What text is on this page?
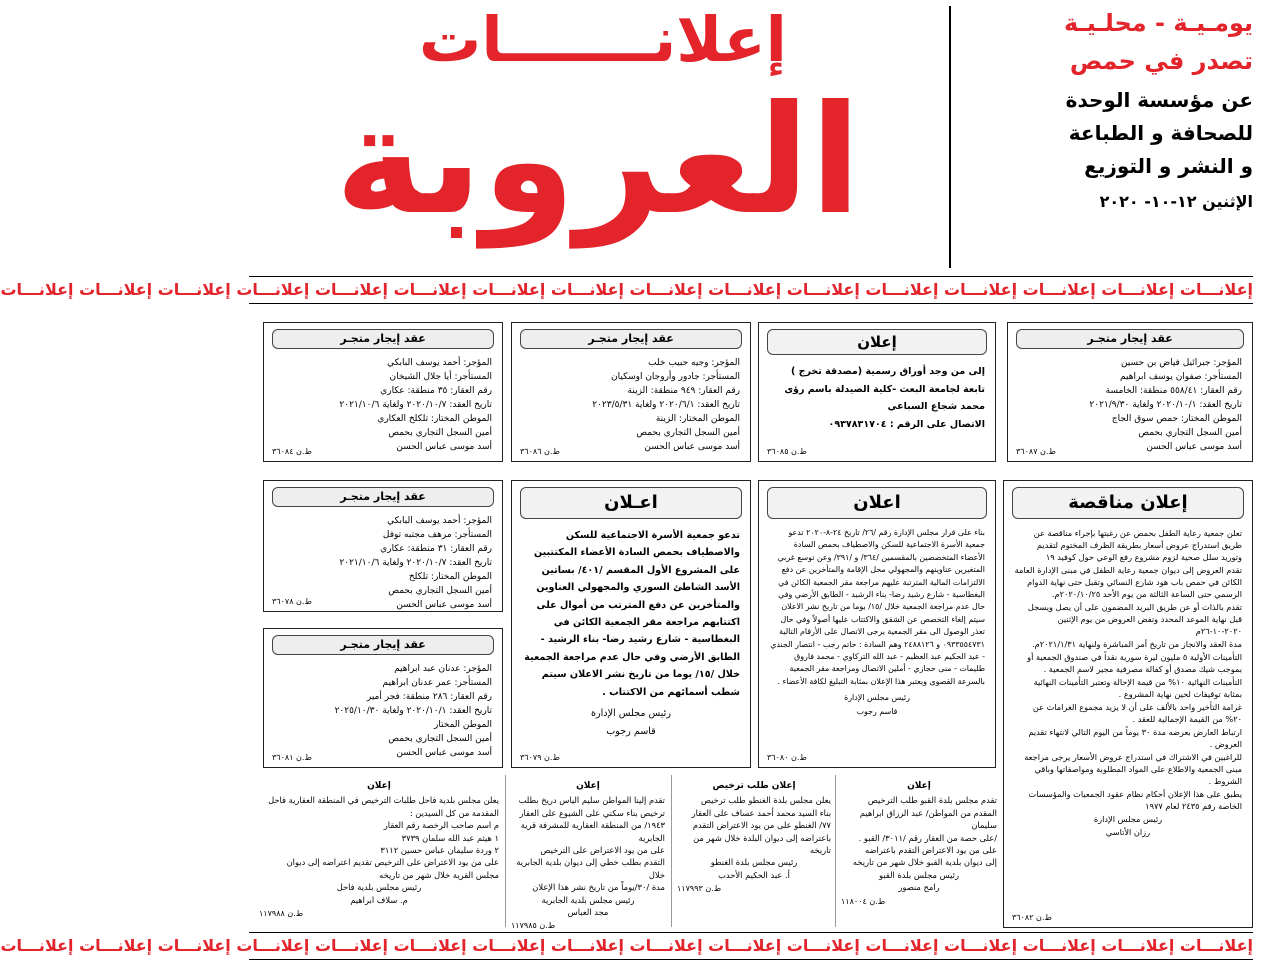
إعلانـــــــات
العروبة
يومـيـة - محلـيـة
تصدر في حمص
عن مؤسسة الوحدة
للصحافة و الطباعة
و النشر و التوزيع
الإثنين ١٢-١٠- ٢٠٢٠
إعلانـــات إعلانـــات إعلانـــات إعلانـــات إعلانـــات إعلانـــات إعلانـــات إعلانـــات إعلانـــات إعلانـــات إعلانـــات إعلانـــات إعلانـــات إعلانـــات إعلانـــات إعلانـــات
عقد إيجار متجـر

المؤجر: جبرائيل فياض بن حسين

المستأجر: صفوان يوسف ابراهيم

رقم العقار: ٥٥٨/٤١ منطقة: الخامسة

تاريخ العقد: ٢٠٢٠/١٠/١ ولغاية ٢٠٢١/٩/٣٠

الموطن المختار: حمص سوق الجاج

أمين السجل التجاري بحمص

أسد موسى عباس الحسن

ط.ن ٣٦٠٨٧
إعلان

إلى من وجد أوراق رسمية (مصدقة تخرج )

تابعة لجامعة البعث -كلية الصيدلة باسم رؤى محمد شجاع السباعي

الاتصال على الرقم : ٠٩٣٧٨٣١٧٠٤

ط.ن ٣٦٠٨٥
عقد إيجار متجـر

المؤجر: وجيه حبيب خلب

المستأجر: جادور وأروجان اوسكيان

رقم العقار: ٩٤٩ منطقة: الزينة

تاريخ العقد: ٢٠٢٠/٦/١ ولغاية ٢٠٢٣/٥/٣١

الموطن المختار: الزينة

أمين السجل التجاري بحمص

أسد موسى عباس الحسن

ط.ن ٣٦٠٨٦
عقد إيجار متجـر

المؤجر: أحمد يوسف البابكي

المستأجر: أيا جلال الشيخان

رقم العقار: ٣٥ منطقة: عكاري

تاريخ العقد: ٢٠٢٠/١٠/٧ ولغاية ٢٠٢١/١٠/٦

الموطن المختار: تلكلخ العكاري

أمين السجل التجاري بحمص

أسد موسى عباس الحسن

ط.ن ٣٦٠٨٤
إعلان مناقصة

تعلن جمعية رعاية الطفل بحمص عن رغبتها بإجراء مناقصة عن طريق استدراج عروض أسعار بطريقة الظرف المختوم لتقديم وتوريد سلل صحية لزوم مشروع رفع الوعي حول كوفيد ١٩

تقدم العروض إلى ديوان جمعية رعاية الطفل في مبنى الإدارة العامة الكائن في حمص باب هود شارع النسائي وتقبل حتى نهاية الدوام الرسمي حتى الساعة الثالثة من يوم الأحد ٢٠٢٠/١٠/٢٥م.

تقدم بالذات أو عن طريق البريد المضمون على أن يصل ويسجل قبل نهاية الموعد المحدد وتفض العروض من يوم الإثنين ٢٠٢٠-١٠-٢٦م

مدة العقد والانجاز من تاريخ أمر المباشرة ولنهاية ٢٠٢١/١/٣١م.

التأمينات الأولية ٥ مليون ليرة سورية نقداً في صندوق الجمعية أو بموجب شيك مصدق أو كفالة مصرفية مجير لاسم الجمعية .

التأمينات النهائية ١٠% من قيمة الإحالة وتعتبر التأمينات النهائية بمثابة توقيفات لحين نهاية المشروع .

غرامة التأخير واحد بالألف على أن لا يزيد مجموع الغرامات عن ٢٠% من القيمة الإجمالية للعقد .

ارتباط العارض بعرضه مدة ٣٠ يوماً من اليوم التالي لانتهاء تقديم العروض .

للراغبين في الاشتراك في استدراج عروض الأسعار يرجى مراجعة مبنى الجمعية والاطلاع على المواد المطلوبة ومواصفاتها وباقي الشروط .

يطبق على هذا الإعلان أحكام نظام عقود الجمعيات والمؤسسات الخاصة رقم ٢٤٣٥ لعام ١٩٧٧

رئيس مجلس الإدارة

رزان الأتاسي

ط.ن ٣٦٠٨٢
اعلان

بناء على قرار مجلس الإدارة رقم /٢٦/ تاريخ ٢٤-٨-٢٠٢٠ تدعو جمعية الأسرة الاجتماعية للسكن والاصطياف بحمص السادة الأعضاء المتخصصين بالمقسمين /٣٦٤/ و /٣٩١/ وعن توسع غربي المتغيرين عناوينهم والمجهولي محل الإقامة والمتأخرين عن دفع الالتزامات المالية المترتبة عليهم مراجعة مقر الجمعية الكائن في البغطاسية - شارع رشيد رضا- بناء الرشيد - الطابق الأرضي وفي حال عدم مراجعة الجمعية خلال /١٥/ يوما من تاريخ نشر الاعلان سيتم إلغاء التخصص عن الشقق والاكتتاب عليها أصولاً وفي حال تعذر الوصول الى مقر الجمعية يرجى الاتصال على الأرقام التالية ٠٩٣٣٥٥٤٧٣١ و ٢٤٨٨١٢٦ وهم السادة : حاتم رجب - انتصار الجندي - عبد الحكيم عبد العظيم - عبد الله التركاوي - محمد فاروق طليمات - منى حجازي - أملين الاتصال ومراجعة مقر الجمعية بالسرعة القصوى ويعتبر هذا الإعلان بمثابة التبليغ لكافة الأعضاء .

رئيس مجلس الإدارة

قاسم رجوب

ط.ن ٣٦٠٨٠
اعـلان

تدعو جمعية الأسرة الاجتماعية للسكن والاصطياف بحمص السادة الأعضاء المكتتبين على المشروع الأول المقسم /٤٠١/ بساتين الأسد الشاطئ السوري والمجهولي العناوين والمتأخرين عن دفع المترتب من أموال على اكتتابهم مراجعة مقر الجمعية الكائن في البغطاسية - شارع رشيد رضا- بناء الرشيد - الطابق الأرضي وفي حال عدم مراجعة الجمعية خلال /١٥/ يوما من تاريخ نشر الاعلان سيتم شطب أسمائهم من الاكتتاب .

رئيس مجلس الإدارة

قاسم رجوب

ط.ن ٣٦٠٧٩
عقد إيجار متجـر

المؤجر: أحمد يوسف البابكي

المستأجر: مرهف مجتبه توفل

رقم العقار: ٣١ منطقة: عكاري

تاريخ العقد: ٢٠٢٠/١٠/٧ ولغاية ٢٠٢١/١٠/٦

الموطن المختار: تلكلخ

أمين السجل التجاري بحمص

أسد موسى عباس الحسن

ط.ن ٣٦٠٧٨
عقد إيجار متجـر

المؤجر: عدنان عبد ابراهيم

المستأجر: عمر عدنان ابراهيم

رقم العقار: ٢٨٦ منطقة: فجر أمير

تاريخ العقد: ٢٠٢٠/١٠/١ ولغاية ٢٠٢٥/١٠/٣٠

الموطن المختار

أمين السجل التجاري بحمص

أسد موسى عباس الحسن

ط.ن ٣٦٠٨١
إعلان
تقدم مجلس بلدة القبو طلب الترخيص
المقدم من المواطن/ عبد الرزاق ابراهيم سليمان
/على حصة من العقار رقم /٣٠١١/ القبو .
على من يود الاعتراض التقدم باعتراضه
إلى ديوان بلدية القبو خلال شهر من تاريخه
رئيس مجلس بلدة القبو
رامح منصور
ط.ن ١١٨٠٠٤
إعلان طلب ترخيص
يعلن مجلس بلدة الغنطو طلب ترخيص
بناء السيد محمد أحمد عساف على العقار
٧٧/ الغنطو على من يود الاعتراض التقدم
باعتراضه إلى ديوان البلدة خلال شهر من
تاريخه
رئيس مجلس بلدة الغنطو
أ. عبد الحكيم الأحدب
ط.ن ١١٧٩٩٣
إعلان
تقدم إلينا المواطن سليم الياس دريخ بطلب
ترخيص بناء سكني على الشيوع على العقار
١٩٤٣/ من المنطقة العقارية للمشرفة قرية
الجابرية
على من يود الاعتراض على الترخيص
التقدم بطلب خطي إلى ديوان بلدية الجابرية خلال
مدة /٣٠/يوماً من تاريخ نشر هذا الإعلان
رئيس مجلس بلدية الجابرية
مجد العباس
ط.ن ١١٧٩٨٥
إعلان
يعلن مجلس بلدية فاحل طلبات الترخيص في المنطقة العقارية فاحل
المقدمة من كل السيدين :
م اسم صاحب الرخصة رقم العقار
١ هيثم عبد الله سلمان ٣٧٣٩
٢ وردة سليمان عباس حسين ٣١١٢
على من يود الاعتراض على الترخيص تقديم اعتراضه إلى ديوان
مجلس القرية خلال شهر من تاريخه
رئيس مجلس بلدية فاحل
م. سلاف ابراهيم
ط.ن ١١٧٩٨٨
إعلانـــات إعلانـــات إعلانـــات إعلانـــات إعلانـــات إعلانـــات إعلانـــات إعلانـــات إعلانـــات إعلانـــات إعلانـــات إعلانـــات إعلانـــات إعلانـــات إعلانـــات إعلانـــات
